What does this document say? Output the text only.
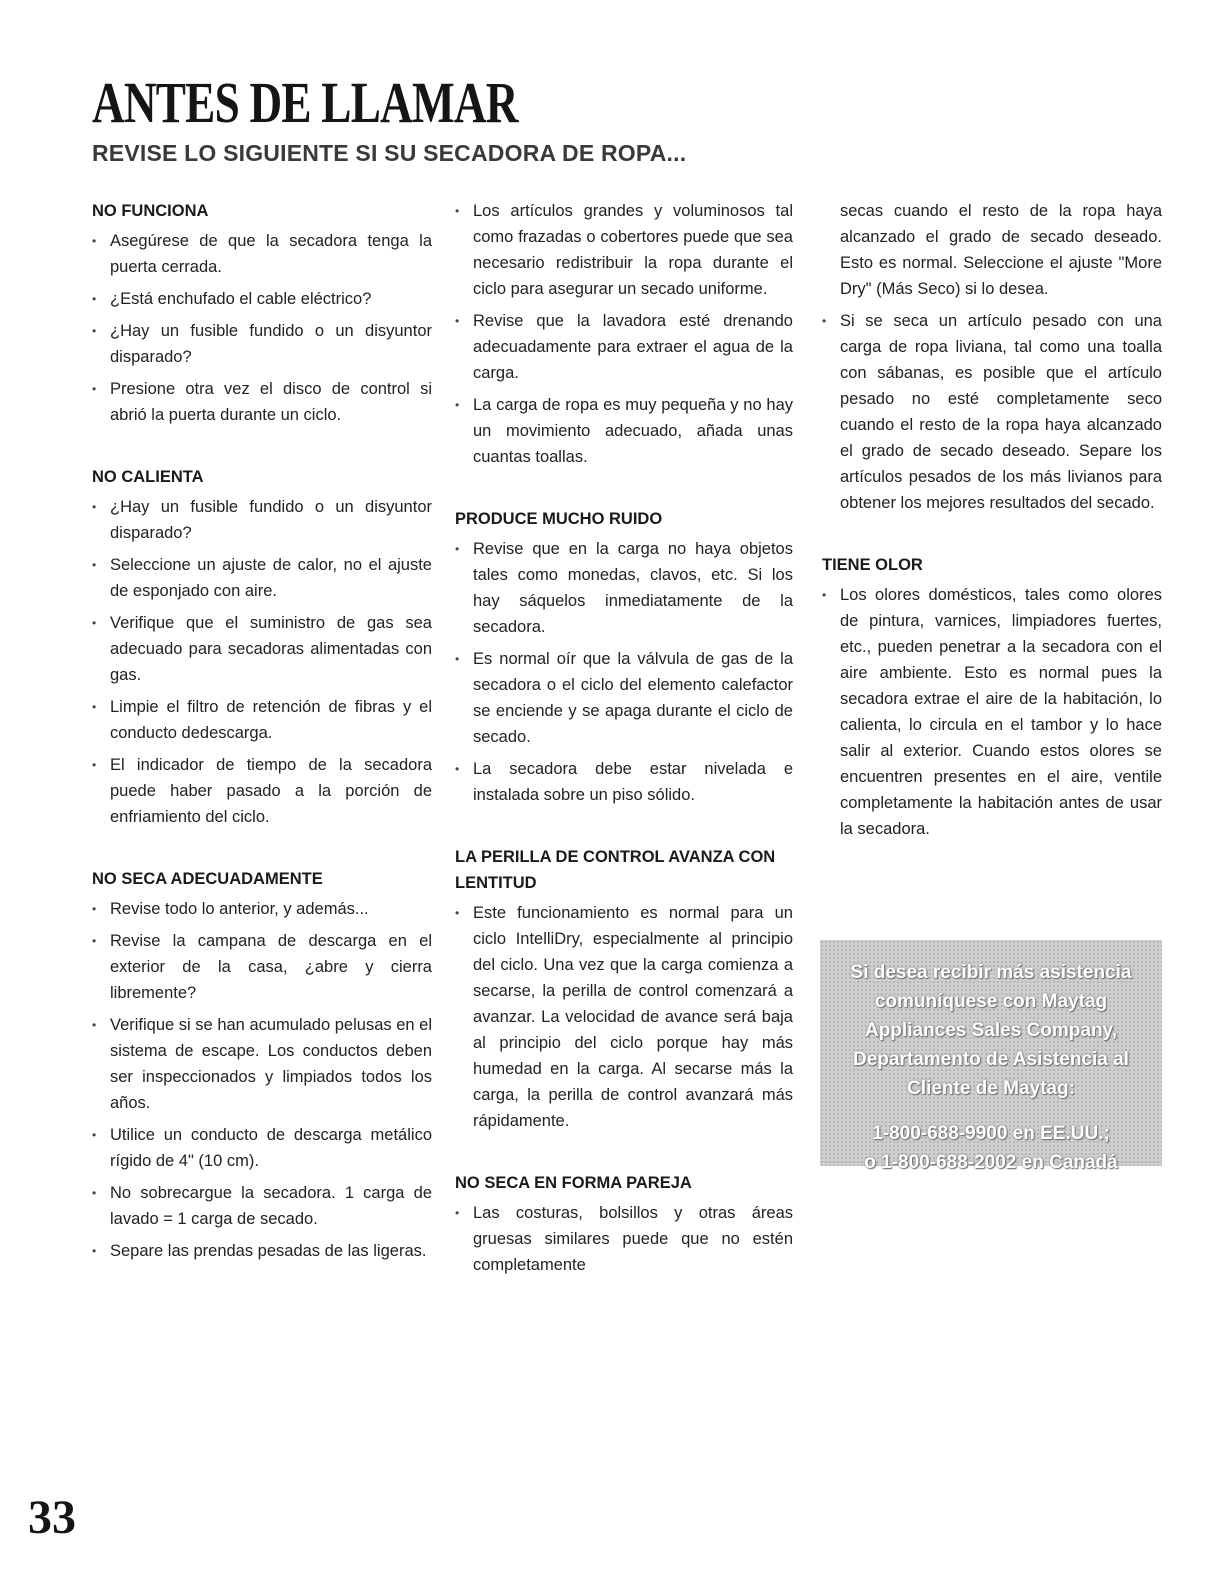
ANTES DE LLAMAR
REVISE LO SIGUIENTE SI SU SECADORA DE ROPA...
NO FUNCIONA
• Asegúrese de que la secadora tenga la puerta cerrada.
• ¿Está enchufado el cable eléctrico?
• ¿Hay un fusible fundido o un disyuntor disparado?
• Presione otra vez el disco de control si abrió la puerta durante un ciclo.
NO CALIENTA
• ¿Hay un fusible fundido o un disyuntor disparado?
• Seleccione un ajuste de calor, no el ajuste de esponjado con aire.
• Verifique que el suministro de gas sea adecuado para secadoras alimentadas con gas.
• Limpie el filtro de retención de fibras y el conducto dedescarga.
• El indicador de tiempo de la secadora puede haber pasado a la porción de enfriamiento del ciclo.
NO SECA ADECUADAMENTE
• Revise todo lo anterior, y además...
• Revise la campana de descarga en el exterior de la casa, ¿abre y cierra libremente?
• Verifique si se han acumulado pelusas en el sistema de escape. Los conductos deben ser inspeccionados y limpiados todos los años.
• Utilice un conducto de descarga metálico rígido de 4" (10 cm).
• No sobrecargue la secadora. 1 carga de lavado = 1 carga de secado.
• Separe las prendas pesadas de las ligeras.
• Los artículos grandes y voluminosos tal como frazadas o cobertores puede que sea necesario redistribuir la ropa durante el ciclo para asegurar un secado uniforme.
• Revise que la lavadora esté drenando adecuadamente para extraer el agua de la carga.
• La carga de ropa es muy pequeña y no hay un movimiento adecuado, añada unas cuantas toallas.
PRODUCE MUCHO RUIDO
• Revise que en la carga no haya objetos tales como monedas, clavos, etc. Si los hay sáquelos inmediatamente de la secadora.
• Es normal oír que la válvula de gas de la secadora o el ciclo del elemento calefactor se enciende y se apaga durante el ciclo de secado.
• La secadora debe estar nivelada e instalada sobre un piso sólido.
LA PERILLA DE CONTROL AVANZA CON LENTITUD
• Este funcionamiento es normal para un ciclo IntelliDry, especialmente al principio del ciclo. Una vez que la carga comienza a secarse, la perilla de control comenzará a avanzar. La velocidad de avance será baja al principio del ciclo porque hay más humedad en la carga. Al secarse más la carga, la perilla de control avanzará más rápidamente.
NO SECA EN FORMA PAREJA
• Las costuras, bolsillos y otras áreas gruesas similares puede que no estén completamente

secas cuando el resto de la ropa haya alcanzado el grado de secado deseado. Esto es normal. Seleccione el ajuste "More Dry" (Más Seco) si lo desea.

• Si se seca un artículo pesado con una carga de ropa liviana, tal como una toalla con sábanas, es posible que el artículo pesado no esté completamente seco cuando el resto de la ropa haya alcanzado el grado de secado deseado. Separe los artículos pesados de los más livianos para obtener los mejores resultados del secado.
TIENE OLOR
• Los olores domésticos, tales como olores de pintura, varnices, limpiadores fuertes, etc., pueden penetrar a la secadora con el aire ambiente. Esto es normal pues la secadora extrae el aire de la habitación, lo calienta, lo circula en el tambor y lo hace salir al exterior. Cuando estos olores se encuentren presentes en el aire, ventile completamente la habitación antes de usar la secadora.

Si desea recibir más asistencia comuníquese con Maytag Appliances Sales Company, Departamento de Asistencia al Cliente de Maytag:

1-800-688-9900 en EE.UU.;

o 1-800-688-2002 en Canadá

33
